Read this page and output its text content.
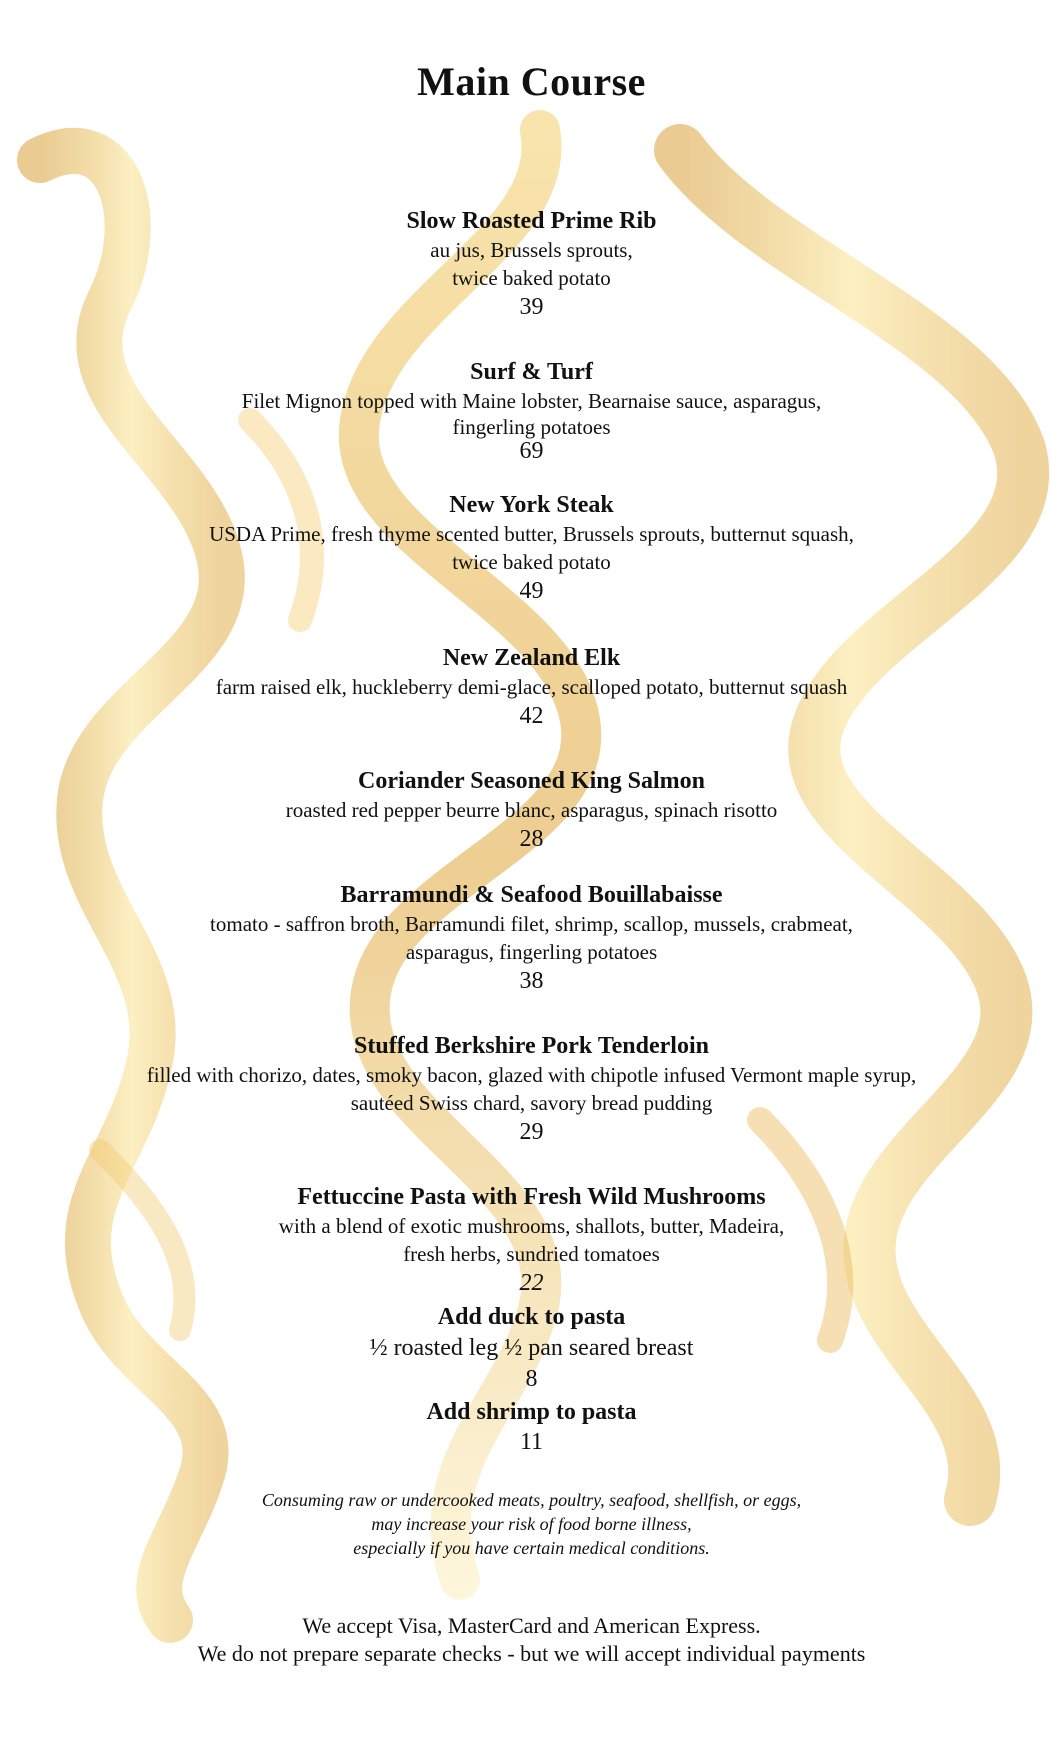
Main Course
Slow Roasted Prime Rib
au jus, Brussels sprouts,
twice baked potato
39
Surf & Turf
Filet Mignon topped with Maine lobster, Bearnaise sauce, asparagus,
fingerling potatoes
69
New York Steak
USDA Prime, fresh thyme scented butter, Brussels sprouts, butternut squash,
twice baked potato
49
New Zealand Elk
farm raised elk, huckleberry demi-glace, scalloped potato, butternut squash
42
Coriander Seasoned King Salmon
roasted red pepper beurre blanc, asparagus, spinach risotto
28
Barramundi & Seafood Bouillabaisse
tomato - saffron broth, Barramundi filet, shrimp, scallop, mussels, crabmeat,
asparagus, fingerling potatoes
38
Stuffed Berkshire Pork Tenderloin
filled with chorizo, dates, smoky bacon, glazed with chipotle infused Vermont maple syrup,
sautéed Swiss chard, savory bread pudding
29
Fettuccine Pasta with Fresh Wild Mushrooms
with a blend of exotic mushrooms, shallots, butter, Madeira,
fresh herbs, sundried tomatoes
22
Add duck to pasta
½ roasted leg ½ pan seared breast
8
Add shrimp to pasta
11
Consuming raw or undercooked meats, poultry, seafood, shellfish, or eggs,
may increase your risk of food borne illness,
especially if you have certain medical conditions.
We accept Visa, MasterCard and American Express.
We do not prepare separate checks - but we will accept individual payments
